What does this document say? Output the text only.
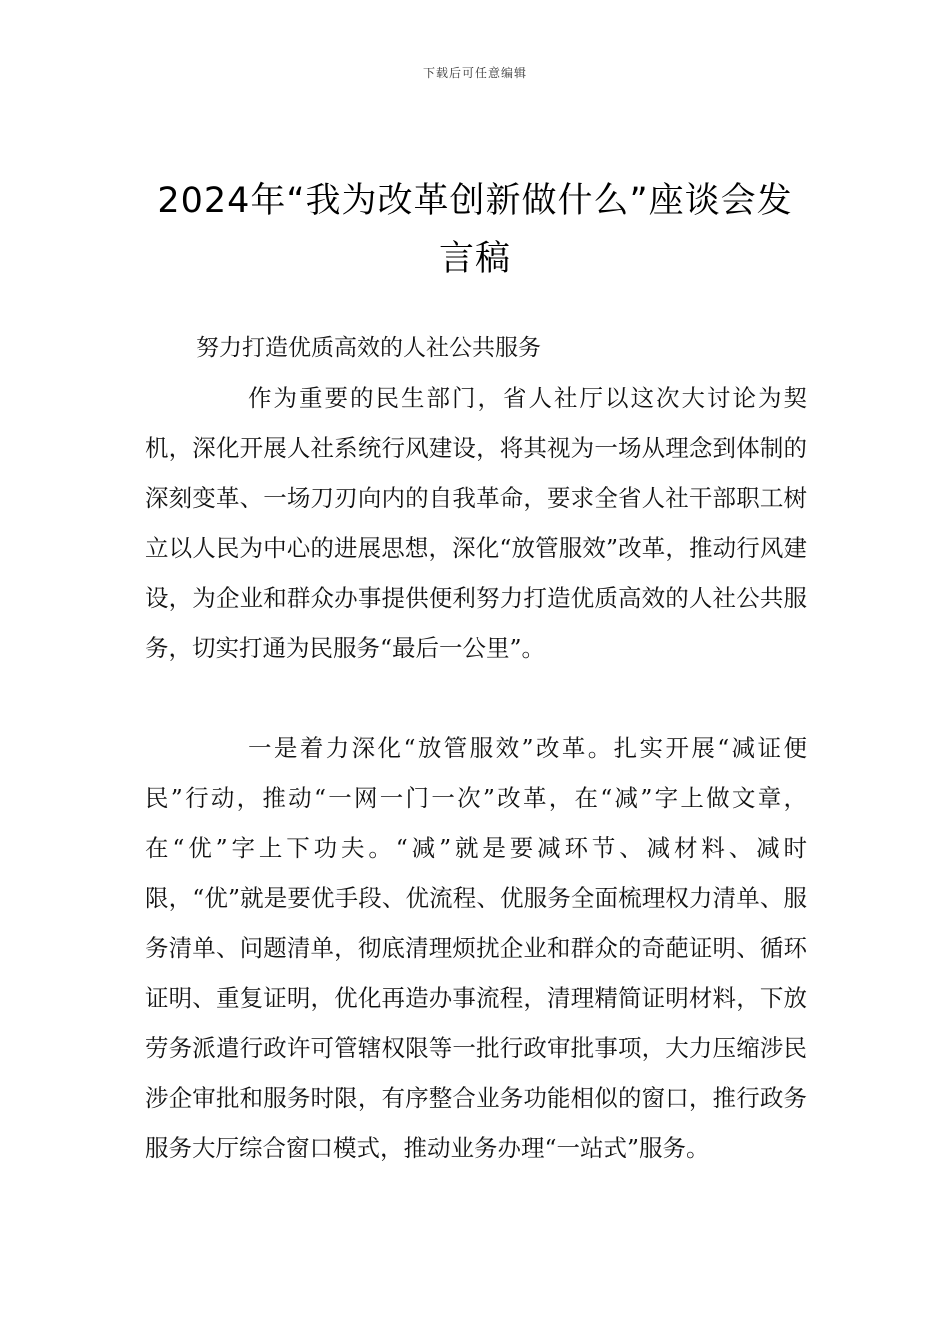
下载后可任意编辑
2024年“我为改革创新做什么”座谈会发言稿
努力打造优质高效的人社公共服务

作为重要的民生部门，省人社厅以这次大讨论为契机，深化开展人社系统行风建设，将其视为一场从理念到体制的深刻变革、一场刀刃向内的自我革命，要求全省人社干部职工树立以人民为中心的进展思想，深化“放管服效”改革，推动行风建设，为企业和群众办事提供便利努力打造优质高效的人社公共服务，切实打通为民服务“最后一公里”。

一是着力深化“放管服效”改革。扎实开展“减证便民”行动，推动“一网一门一次”改革，在“减”字上做文章，在“优”字上下功夫。“减”就是要减环节、减材料、减时限，“优”就是要优手段、优流程、优服务全面梳理权力清单、服务清单、问题清单，彻底清理烦扰企业和群众的奇葩证明、循环证明、重复证明，优化再造办事流程，清理精简证明材料，下放劳务派遣行政许可管辖权限等一批行政审批事项，大力压缩涉民涉企审批和服务时限，有序整合业务功能相似的窗口，推行政务服务大厅综合窗口模式，推动业务办理“一站式”服务。
